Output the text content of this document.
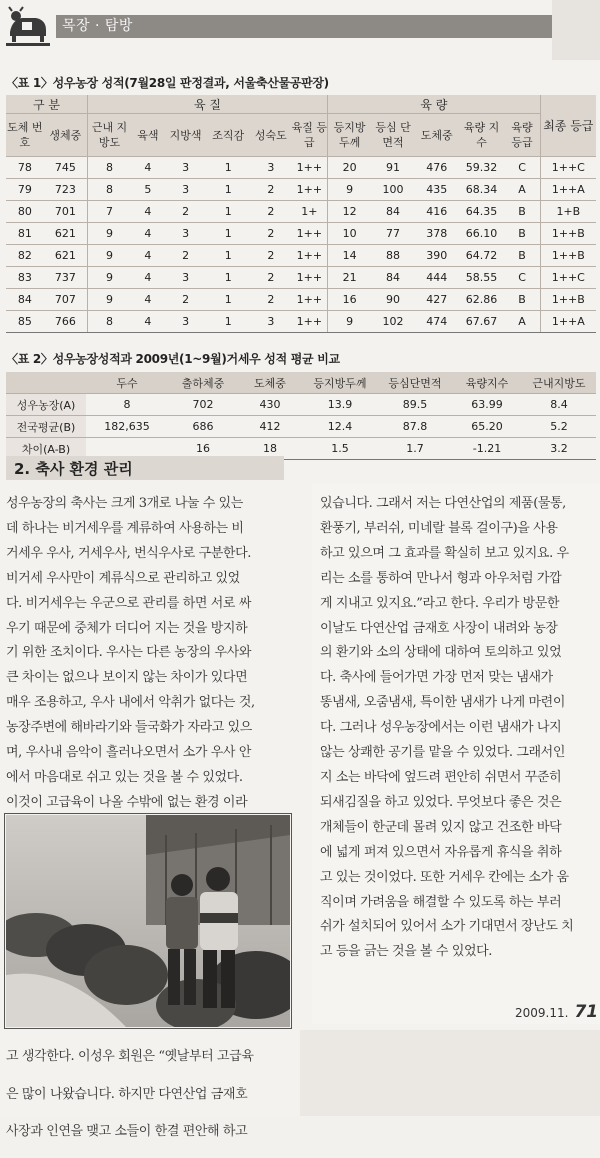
목장 · 탐방
〈표 1〉성우농장 성적(7월28일 판정결과, 서울축산물공판장)
구 분		육 질						육 량					최종 등급
도체 번호	생체중	근내 지방도	육색	지방색	조직감	성숙도	육질 등급	등지방 두께	등심 단면적	도체중	육량 지수	육량 등급	
78	745	8	4	3	1	3	1++	20	91	476	59.32	C	1++C
79	723	8	5	3	1	2	1++	9	100	435	68.34	A	1++A
80	701	7	4	2	1	2	1+	12	84	416	64.35	B	1+B
81	621	9	4	3	1	2	1++	10	77	378	66.10	B	1++B
82	621	9	4	2	1	2	1++	14	88	390	64.72	B	1++B
83	737	9	4	3	1	2	1++	21	84	444	58.55	C	1++C
84	707	9	4	2	1	2	1++	16	90	427	62.86	B	1++B
85	766	8	4	3	1	3	1++	9	102	474	67.67	A	1++A
〈표 2〉성우농장성적과 2009년(1~9월)거세우 성적 평균 비교
	두수	출하체중	도체중	등지방두께	등심단면적	육량지수	근내지방도
성우농장(A)	8	702	430	13.9	89.5	63.99	8.4
전국평균(B)	182,635	686	412	12.4	87.8	65.20	5.2
차이(A-B)		16	18	1.5	1.7	-1.21	3.2
2. 축사 환경 관리

성우농장의 축사는 크게 3개로 나눌 수 있는

데 하나는 비거세우를 계류하여 사용하는 비

거세우 우사, 거세우사, 번식우사로 구분한다.

비거세 우사만이 계류식으로 관리하고 있었

다. 비거세우는 우군으로 관리를 하면 서로 싸

우기 때문에 중체가 더디어 지는 것을 방지하

기 위한 조치이다. 우사는 다른 농장의 우사와

큰 차이는 없으나 보이지 않는 차이가 있다면

매우 조용하고, 우사 내에서 악취가 없다는 것,

농장주변에 해바라기와 들국화가 자라고 있으

며, 우사내 음악이 흘러나오면서 소가 우사 안

에서 마음대로 쉬고 있는 것을 볼 수 있었다.

이것이 고급육이 나올 수밖에 없는 환경 이라

있습니다. 그래서 저는 다연산업의 제품(물통,

환풍기, 부러쉬, 미네랄 블록 걸이구)을 사용

하고 있으며 그 효과를 확실히 보고 있지요. 우

리는 소를 통하여 만나서 형과 아우처럼 가깝

게 지내고 있지요.”라고 한다. 우리가 방문한

이날도 다연산업 금재호 사장이 내려와 농장

의 환기와 소의 상태에 대하여 토의하고 있었

다. 축사에 들어가면 가장 먼저 맞는 냄새가

똥냄새, 오줌냄새, 특이한 냄새가 나게 마련이

다. 그러나 성우농장에서는 이런 냄새가 나지

않는 상쾌한 공기를 맡을 수 있었다. 그래서인

지 소는 바닥에 엎드려 편안히 쉬면서 꾸준히

되새김질을 하고 있었다. 무엇보다 좋은 것은

개체들이 한군데 몰려 있지 않고 건조한 바닥

에 넓게 퍼져 있으면서 자유롭게 휴식을 취하

고 있는 것이었다. 또한 거세우 칸에는 소가 움

직이며 가려움을 해결할 수 있도록 하는 부러

쉬가 설치되어 있어서 소가 기대면서 장난도 치

고 등을 긁는 것을 볼 수 있었다.

2009.11. 71

고 생각한다. 이성우 회원은 “옛날부터 고급육

은 많이 나왔습니다. 하지만 다연산업 금재호

사장과 인연을 맺고 소들이 한결 편안해 하고
